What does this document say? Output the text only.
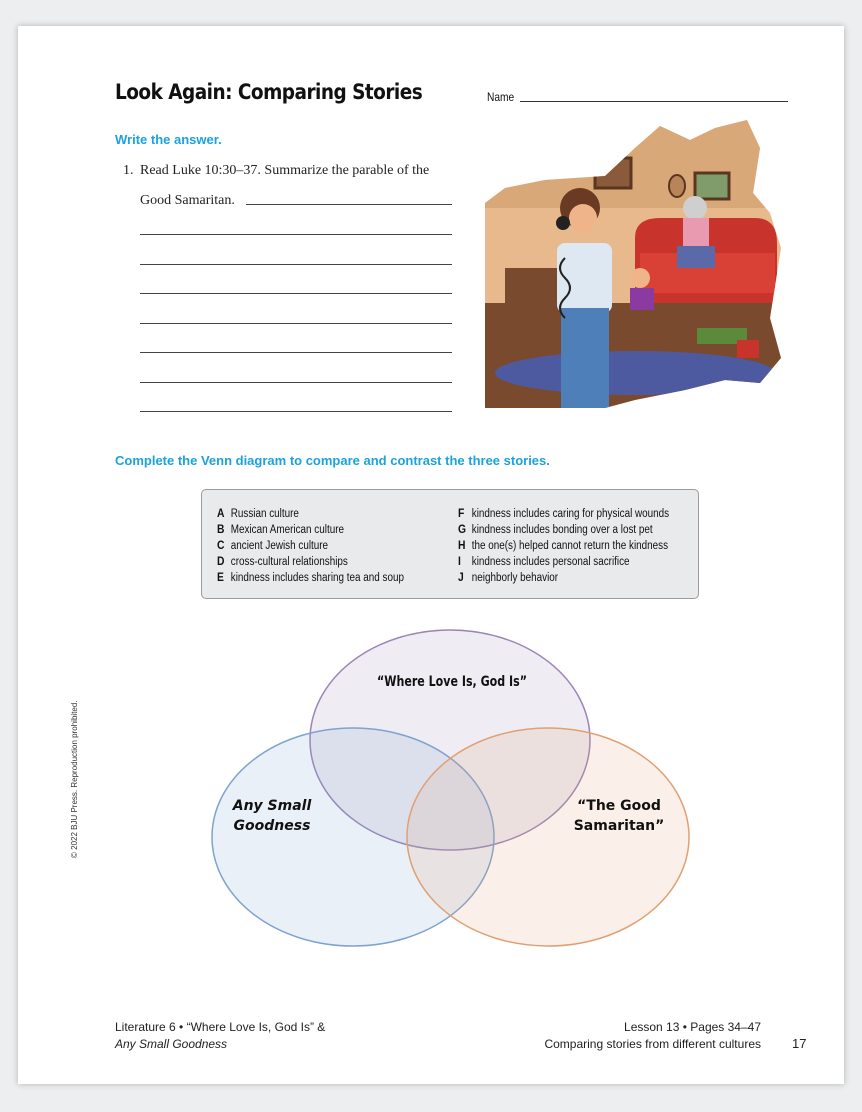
Look Again: Comparing Stories	Name
Write the answer.
1. Read Luke 10:30–37. Summarize the parable of the
Good Samaritan.
Complete the Venn diagram to compare and contrast the three stories.
A Russian culture
B Mexican American culture
C ancient Jewish culture
D cross-cultural relationships
E kindness includes sharing tea and soup
F kindness includes caring for physical wounds
G kindness includes bonding over a lost pet
H the one(s) helped cannot return the kindness
I kindness includes personal sacrifice
J neighborly behavior
“Where Love Is, God Is”
Any Small
Goodness
“The Good
Samaritan”
© 2022 BJU Press. Reproduction prohibited.
Literature 6 • “Where Love Is, God Is” &
Any Small Goodness
Lesson 13 • Pages 34–47
Comparing stories from different cultures 17
